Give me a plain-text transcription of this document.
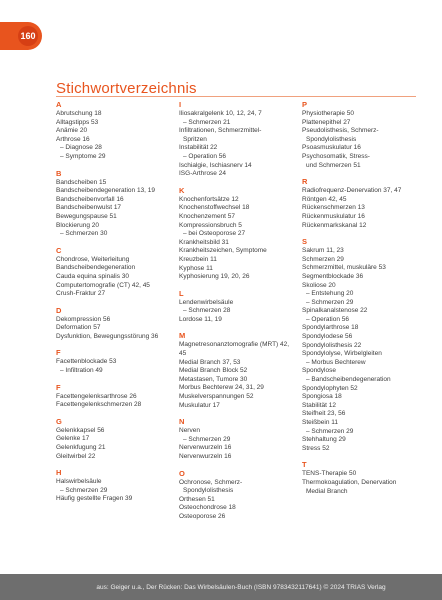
160
Stichwortverzeichnis
A
Abrutschung 18
Alltagstipps 53
Anämie 20
Arthrose 16
– Diagnose 28
– Symptome 29
B
Bandscheiben 15
Bandscheibendegeneration 13, 19
Bandscheibenvorfall 16
Bandscheibenwulst 17
Bewegungspause 51
Blockierung 20
– Schmerzen 30
C
Chondrose, Weiterleitung
Bandscheibendegeneration
Cauda equina spinalis 30
Computertomografie (CT) 42, 45
Crush-Fraktur 27
D
Dekompression 56
Deformation 57
Dysfunktion, Bewegungsstörung 36
F
Facettenblockade 53
– Infiltration 49
F
Facettengelenksarthrose 26
Facettengelenkschmerzen 28
G
Gelenkkapsel 56
Gelenke 17
Gelenkfugung 21
Gleitwirbel 22
H
Halswirbelsäule
– Schmerzen 29
Häufig gestellte Fragen 39
I
Iliosakralgelenk 10, 12, 24, 7
– Schmerzen 21
Infiltrationen, Schmerzmittel-
Spritzen
Instabilität 22
– Operation 56
Ischialgie, Ischiasnerv 14
ISG-Arthrose 24
K
Knochenfortsätze 12
Knochenstoffwechsel 18
Knochenzement 57
Kompressionsbruch 5
– bei Osteoporose 27
Krankheitsbild 31
Krankheitszeichen, Symptome
Kreuzbein 11
Kyphose 11
Kyphosierung 19, 20, 26
L
Lendenwirbelsäule
– Schmerzen 28
Lordose 11, 19
M
Magnetresonanztomografie (MRT) 42, 45
Medial Branch 37, 53
Medial Branch Block 52
Metastasen, Tumore 30
Morbus Bechterew 24, 31, 29
Muskelverspannungen 52
Muskulatur 17
N
Nerven
– Schmerzen 29
Nervenwurzeln 16
Nervenwurzeln 16
O
Ochronose, Schmerz-
Spondylolisthesis
Orthesen 51
Osteochondrose 18
Osteoporose 26
P
Physiotherapie 50
Plattenepithel 27
Pseudolisthesis, Schmerz-
Spondylolisthesis
Psoasmuskulatur 16
Psychosomatik, Stress-
und Schmerzen 51
R
Radiofrequenz-Denervation 37, 47
Röntgen 42, 45
Rückenschmerzen 13
Rückenmuskulatur 16
Rückenmarkskanal 12
S
Sakrum 11, 23
Schmerzen 29
Schmerzmittel, muskuläre 53
Segmentblockade 36
Skoliose 20
– Entstehung 20
– Schmerzen 29
Spinalkanalstenose 22
– Operation 56
Spondylarthrose 18
Spondylodese 56
Spondylolisthesis 22
Spondylolyse, Wirbelgleiten
– Morbus Bechterew
Spondylose
– Bandscheibendegeneration
Spondylophyten 52
Spongiosa 18
Stabilität 12
Steifheit 23, 56
Steißbein 11
– Schmerzen 29
Stehhaltung 29
Stress 52
T
TENS-Therapie 50
Thermokoagulation, Denervation
Medial Branch
aus: Geiger u.a., Der Rücken: Das Wirbelsäulen-Buch (ISBN 9783432117641) © 2024 TRIAS Verlag
